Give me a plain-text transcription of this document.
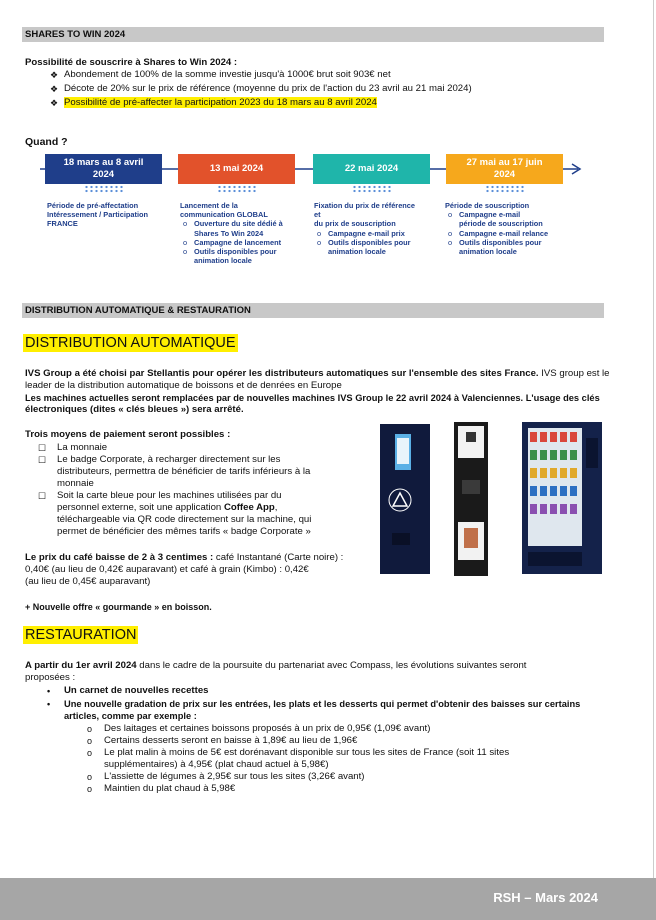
SHARES TO WIN 2024
Possibilité de souscrire à Shares to Win 2024 :
❖ Abondement de 100% de la somme investie jusqu'à 1000€ brut soit 903€ net
❖ Décote de 20% sur le prix de référence (moyenne du prix de l'action du 23 avril au 21 mai 2024)
❖ Possibilité de pré-affecter la participation 2023 du 18 mars au 8 avril 2024
Quand ?
18 mars au 8 avril
2024
13 mai 2024	22 mai 2024
27 mai au 17 juin
2024
Période de pré-affectation
Intéressement / Participation
FRANCE
Lancement de la
communication GLOBAL
o Ouverture du site dédié à
Shares To Win 2024
o Campagne de lancement
o Outils disponibles pour
animation locale
Fixation du prix de référence
et
du prix de souscription
o Campagne e-mail prix
o Outils disponibles pour
animation locale
Période de souscription
o Campagne e-mail
période de souscription
o Campagne e-mail relance
o Outils disponibles pour
animation locale
DISTRIBUTION AUTOMATIQUE & RESTAURATION
DISTRIBUTION AUTOMATIQUE
IVS Group a été choisi par Stellantis pour opérer les distributeurs automatiques sur l'ensemble des sites France. IVS group est le
leader de la distribution automatique de boissons et de denrées en Europe
Les machines actuelles seront remplacées par de nouvelles machines IVS Group le 22 avril 2024 à Valenciennes. L'usage des clés
électroniques (dites « clés bleues ») sera arrêté.
Trois moyens de paiement seront possibles :
☐ La monnaie
☐ Le badge Corporate, à recharger directement sur les
distributeurs, permettra de bénéficier de tarifs inférieurs à la
monnaie
☐ Soit la carte bleue pour les machines utilisées par du
personnel externe, soit une application Coffee App,
téléchargeable via QR code directement sur la machine, qui
permet de bénéficier des mêmes tarifs « badge Corporate »
Le prix du café baisse de 2 à 3 centimes : café Instantané (Carte noire) :
0,40€ (au lieu de 0,42€ auparavant) et café à grain (Kimbo) : 0,42€
(au lieu de 0,45€ auparavant)
+ Nouvelle offre « gourmande » en boisson.
RESTAURATION
A partir du 1er avril 2024 dans le cadre de la poursuite du partenariat avec Compass, les évolutions suivantes seront
proposées :
• Un carnet de nouvelles recettes
• Une nouvelle gradation de prix sur les entrées, les plats et les desserts qui permet d'obtenir des baisses sur certains
articles, comme par exemple :
o Des laitages et certaines boissons proposés à un prix de 0,95€ (1,09€ avant)
o Certains desserts seront en baisse à 1,89€ au lieu de 1,96€
o Le plat malin à moins de 5€ est dorénavant disponible sur tous les sites de France (soit 11 sites
supplémentaires) à 4,95€ (plat chaud actuel à 5,98€)
o L'assiette de légumes à 2,95€ sur tous les sites (3,26€ avant)
o Maintien du plat chaud à 5,98€
RSH – Mars 2024
